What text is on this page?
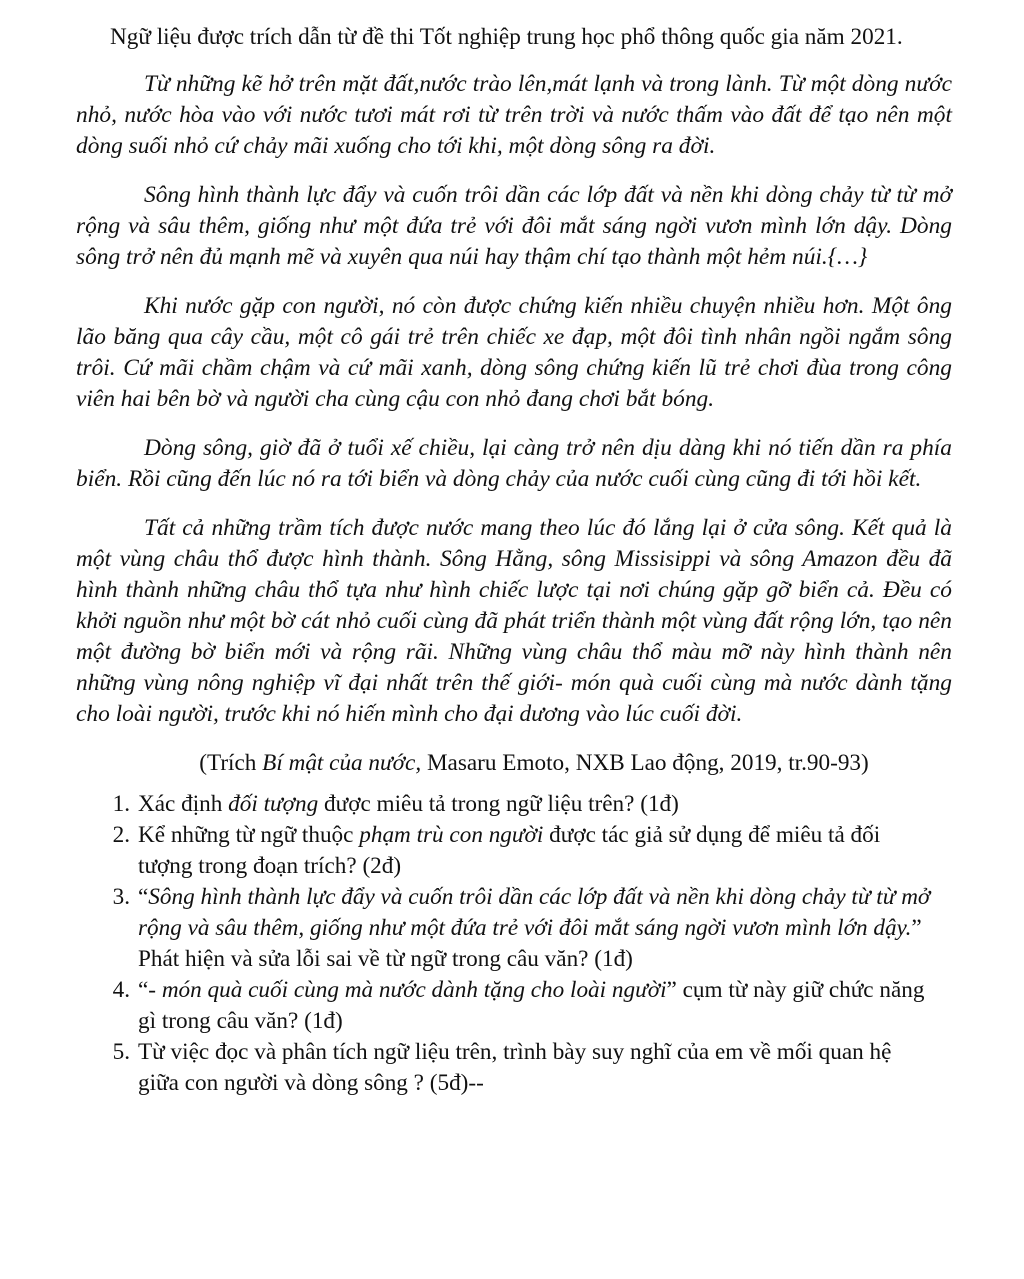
Ngữ liệu được trích dẫn từ đề thi Tốt nghiệp trung học phổ thông quốc gia năm 2021.

Từ những kẽ hở trên mặt đất,nước trào lên,mát lạnh và trong lành. Từ một dòng nước nhỏ, nước hòa vào với nước tươi mát rơi từ trên trời và nước thấm vào đất để tạo nên một dòng suối nhỏ cứ chảy mãi xuống cho tới khi, một dòng sông ra đời.

Sông hình thành lực đẩy và cuốn trôi dần các lớp đất và nền khi dòng chảy từ từ mở rộng và sâu thêm, giống như một đứa trẻ với đôi mắt sáng ngời vươn mình lớn dậy. Dòng sông trở nên đủ mạnh mẽ và xuyên qua núi hay thậm chí tạo thành một hẻm núi.{…}

Khi nước gặp con người, nó còn được chứng kiến nhiều chuyện nhiều hơn. Một ông lão băng qua cây cầu, một cô gái trẻ trên chiếc xe đạp, một đôi tình nhân ngồi ngắm sông trôi. Cứ mãi chầm chậm và cứ mãi xanh, dòng sông chứng kiến lũ trẻ chơi đùa trong công viên hai bên bờ và người cha cùng cậu con nhỏ đang chơi bắt bóng.

Dòng sông, giờ đã ở tuổi xế chiều, lại càng trở nên dịu dàng khi nó tiến dần ra phía biển. Rồi cũng đến lúc nó ra tới biển và dòng chảy của nước cuối cùng cũng đi tới hồi kết.

Tất cả những trầm tích được nước mang theo lúc đó lắng lại ở cửa sông. Kết quả là một vùng châu thổ được hình thành. Sông Hằng, sông Missisippi và sông Amazon đều đã hình thành những châu thổ tựa như hình chiếc lược tại nơi chúng gặp gỡ biển cả. Đều có khởi nguồn như một bờ cát nhỏ cuối cùng đã phát triển thành một vùng đất rộng lớn, tạo nên một đường bờ biển mới và rộng rãi. Những vùng châu thổ màu mỡ này hình thành nên những vùng nông nghiệp vĩ đại nhất trên thế giới- món quà cuối cùng mà nước dành tặng cho loài người, trước khi nó hiến mình cho đại dương vào lúc cuối đời.

(Trích Bí mật của nước, Masaru Emoto, NXB Lao động, 2019, tr.90-93)

1. Xác định đối tượng được miêu tả trong ngữ liệu trên? (1đ)
2. Kể những từ ngữ thuộc phạm trù con người được tác giả sử dụng để miêu tả đối tượng trong đoạn trích? (2đ)
3. “Sông hình thành lực đẩy và cuốn trôi dần các lớp đất và nền khi dòng chảy từ từ mở rộng và sâu thêm, giống như một đứa trẻ với đôi mắt sáng ngời vươn mình lớn dậy.” Phát hiện và sửa lỗi sai về từ ngữ trong câu văn? (1đ)
4. “- món quà cuối cùng mà nước dành tặng cho loài người” cụm từ này giữ chức năng gì trong câu văn? (1đ)
5. Từ việc đọc và phân tích ngữ liệu trên, trình bày suy nghĩ của em về mối quan hệ giữa con người và dòng sông ? (5đ)--
